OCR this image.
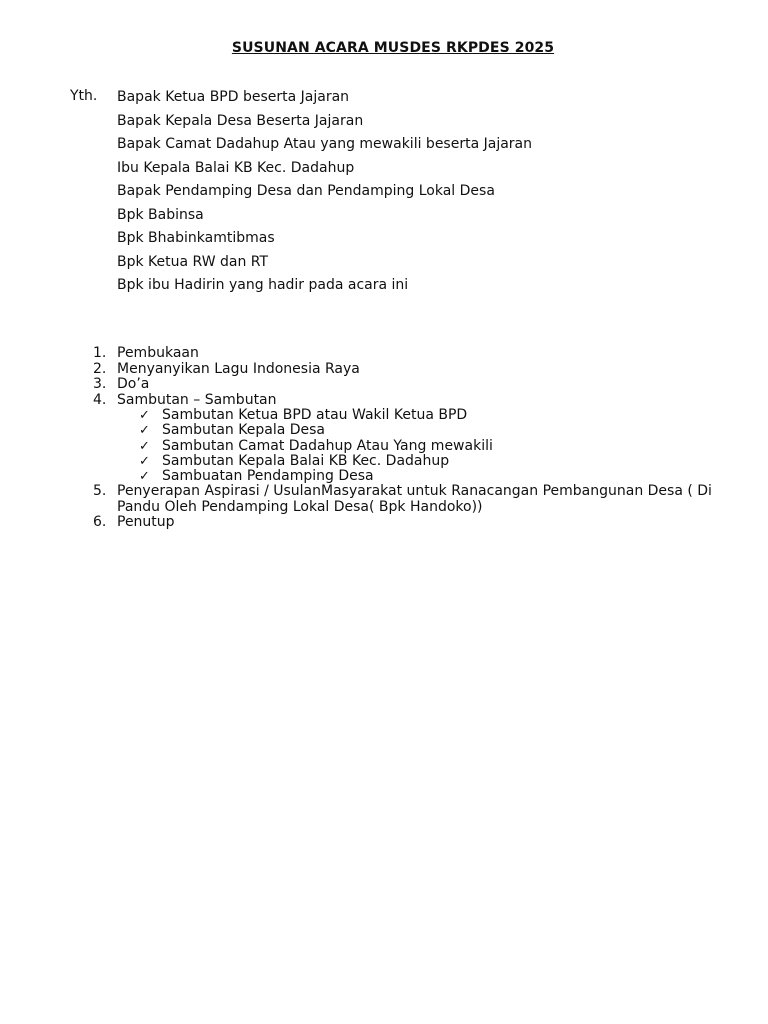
SUSUNAN ACARA MUSDES RKPDES 2025
Yth. Bapak Ketua BPD beserta Jajaran
Bapak Kepala Desa Beserta Jajaran
Bapak Camat Dadahup Atau yang mewakili beserta Jajaran
Ibu Kepala Balai KB Kec. Dadahup
Bapak Pendamping Desa dan Pendamping Lokal Desa
Bpk Babinsa
Bpk Bhabinkamtibmas
Bpk Ketua RW dan RT
Bpk ibu Hadirin yang hadir pada acara ini
1. Pembukaan
2. Menyanyikan Lagu Indonesia Raya
3. Do’a
4. Sambutan – Sambutan
✓ Sambutan Ketua BPD atau Wakil Ketua BPD
✓ Sambutan Kepala Desa
✓ Sambutan Camat Dadahup Atau Yang mewakili
✓ Sambutan Kepala Balai KB Kec. Dadahup
✓ Sambuatan Pendamping Desa
5. Penyerapan Aspirasi / UsulanMasyarakat untuk Ranacangan Pembangunan Desa ( Di Pandu Oleh Pendamping Lokal Desa( Bpk Handoko))
6. Penutup
